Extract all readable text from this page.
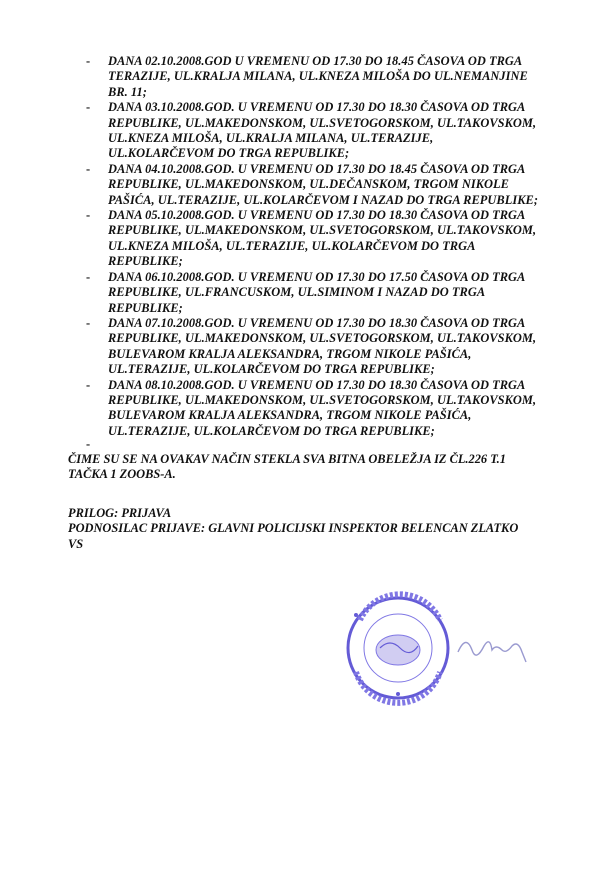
- DANA 02.10.2008.GOD U VREMENU OD 17.30 DO 18.45 ČASOVA OD TRGA
TERAZIJE, UL.KRALJA MILANA, UL.KNEZA MILOŠA DO UL.NEMANJINE
BR. 11;
- DANA 03.10.2008.GOD. U VREMENU OD 17.30 DO 18.30 ČASOVA OD TRGA
REPUBLIKE, UL.MAKEDONSKOM, UL.SVETOGORSKOM, UL.TAKOVSKOM,
UL.KNEZA MILOŠA, UL.KRALJA MILANA, UL.TERAZIJE,
UL.KOLARČEVOM DO TRGA REPUBLIKE;
- DANA 04.10.2008.GOD. U VREMENU OD 17.30 DO 18.45 ČASOVA OD TRGA
REPUBLIKE, UL.MAKEDONSKOM, UL.DEČANSKOM, TRGOM NIKOLE
PAŠIĆA, UL.TERAZIJE, UL.KOLARČEVOM I NAZAD DO TRGA REPUBLIKE;
- DANA 05.10.2008.GOD. U VREMENU OD 17.30 DO 18.30 ČASOVA OD TRGA
REPUBLIKE, UL.MAKEDONSKOM, UL.SVETOGORSKOM, UL.TAKOVSKOM,
UL.KNEZA MILOŠA, UL.TERAZIJE, UL.KOLARČEVOM DO TRGA
REPUBLIKE;
- DANA 06.10.2008.GOD. U VREMENU OD 17.30 DO 17.50 ČASOVA OD TRGA
REPUBLIKE, UL.FRANCUSKOM, UL.SIMINOM I NAZAD DO TRGA
REPUBLIKE;
- DANA 07.10.2008.GOD. U VREMENU OD 17.30 DO 18.30 ČASOVA OD TRGA
REPUBLIKE, UL.MAKEDONSKOM, UL.SVETOGORSKOM, UL.TAKOVSKOM,
BULEVAROM KRALJA ALEKSANDRA, TRGOM NIKOLE PAŠIĆA,
UL.TERAZIJE, UL.KOLARČEVOM DO TRGA REPUBLIKE;
- DANA 08.10.2008.GOD. U VREMENU OD 17.30 DO 18.30 ČASOVA OD TRGA
REPUBLIKE, UL.MAKEDONSKOM, UL.SVETOGORSKOM, UL.TAKOVSKOM,
BULEVAROM KRALJA ALEKSANDRA, TRGOM NIKOLE PAŠIĆA,
UL.TERAZIJE, UL.KOLARČEVOM DO TRGA REPUBLIKE;
-
ČIME SU SE NA OVAKAV NAČIN STEKLA SVA BITNA OBELEŽJA IZ ČL.226 T.1
TAČKA 1 ZOOBS-A.
PRILOG: PRIJAVA
PODNOSILAC PRIJAVE: GLAVNI POLICIJSKI INSPEKTOR BELENCAN ZLATKO
VS
